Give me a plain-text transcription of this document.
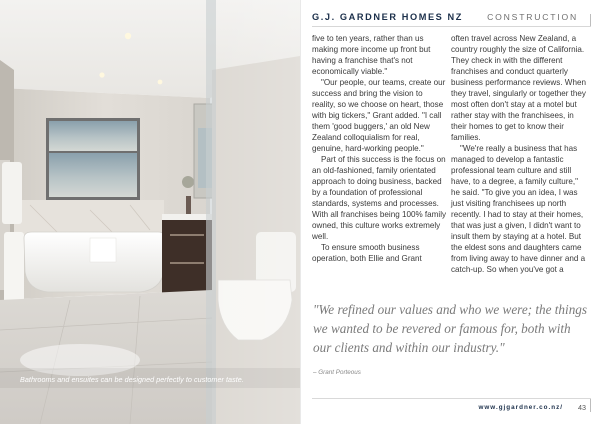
Bathrooms and ensuites can be designed perfectly to customer taste.
G.J. GARDNER HOMES NZ	CONSTRUCTION

five to ten years, rather than us making more income up front but having a franchise that's not economically viable."

"Our people, our teams, create our success and bring the vision to reality, so we choose on heart, those with big tickers," Grant added. "I call them 'good buggers,' an old New Zealand colloquialism for real, genuine, hard-working people."

Part of this success is the focus on an old-fashioned, family orientated approach to doing business, backed by a foundation of professional standards, systems and processes. With all franchises being 100% family owned, this culture works extremely well.

To ensure smooth business operation, both Ellie and Grant

often travel across New Zealand, a country roughly the size of California. They check in with the different franchises and conduct quarterly business performance reviews. When they travel, singularly or together they most often don't stay at a motel but rather stay with the franchisees, in their homes to get to know their families.

"We're really a business that has managed to develop a fantastic professional team culture and still have, to a degree, a family culture," he said. "To give you an idea, I was just visiting franchisees up north recently. I had to stay at their homes, that was just a given, I didn't want to insult them by staying at a hotel. But the eldest sons and daughters came from living away to have dinner and a catch-up. So when you've got a

"We refined our values and who we were; the things we wanted to be revered or famous for, both with our clients and within our industry."
– Grant Porteous
www.gjgardner.co.nz/ 43
